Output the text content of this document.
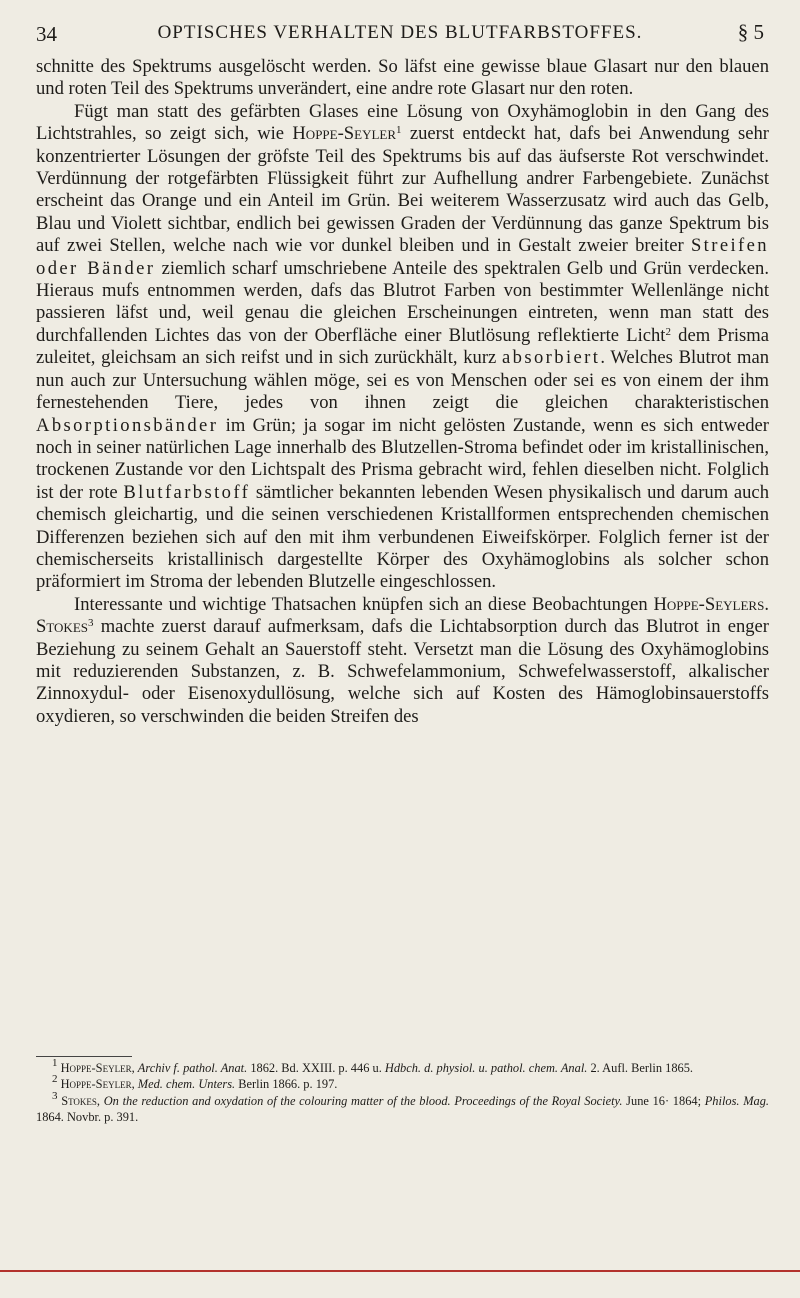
34	OPTISCHES VERHALTEN DES BLUTFARBSTOFFES.	§ 5

schnitte des Spektrums ausgelöscht werden. So läfst eine gewisse blaue Glasart nur den blauen und roten Teil des Spektrums unverändert, eine andre rote Glasart nur den roten.

Fügt man statt des gefärbten Glases eine Lösung von Oxyhämoglobin in den Gang des Lichtstrahles, so zeigt sich, wie Hoppe-Seyler$^1$ zuerst entdeckt hat, dafs bei Anwendung sehr konzentrierter Lösungen der gröfste Teil des Spektrums bis auf das äufserste Rot verschwindet. Verdünnung der rotgefärbten Flüssigkeit führt zur Aufhellung andrer Farbengebiete. Zunächst erscheint das Orange und ein Anteil im Grün. Bei weiterem Wasserzusatz wird auch das Gelb, Blau und Violett sichtbar, endlich bei gewissen Graden der Verdünnung das ganze Spektrum bis auf zwei Stellen, welche nach wie vor dunkel bleiben und in Gestalt zweier breiter Streifen oder Bänder ziemlich scharf umschriebene Anteile des spektralen Gelb und Grün verdecken. Hieraus mufs entnommen werden, dafs das Blutrot Farben von bestimmter Wellenlänge nicht passieren läfst und, weil genau die gleichen Erscheinungen eintreten, wenn man statt des durchfallenden Lichtes das von der Oberfläche einer Blutlösung reflektierte Licht$^2$ dem Prisma zuleitet, gleichsam an sich reifst und in sich zurückhält, kurz absorbiert. Welches Blutrot man nun auch zur Untersuchung wählen möge, sei es von Menschen oder sei es von einem der ihm fernestehenden Tiere, jedes von ihnen zeigt die gleichen charakteristischen Absorptionsbänder im Grün; ja sogar im nicht gelösten Zustande, wenn es sich entweder noch in seiner natürlichen Lage innerhalb des Blutzellen-Stroma befindet oder im kristallinischen, trockenen Zustande vor den Lichtspalt des Prisma gebracht wird, fehlen dieselben nicht. Folglich ist der rote Blutfarbstoff sämtlicher bekannten lebenden Wesen physikalisch und darum auch chemisch gleichartig, und die seinen verschiedenen Kristallformen entsprechenden chemischen Differenzen beziehen sich auf den mit ihm verbundenen Eiweifskörper. Folglich ferner ist der chemischerseits kristallinisch dargestellte Körper des Oxyhämoglobins als solcher schon präformiert im Stroma der lebenden Blutzelle eingeschlossen.

Interessante und wichtige Thatsachen knüpfen sich an diese Beobachtungen Hoppe-Seylers. Stokes$^3$ machte zuerst darauf aufmerksam, dafs die Lichtabsorption durch das Blutrot in enger Beziehung zu seinem Gehalt an Sauerstoff steht. Versetzt man die Lösung des Oxyhämoglobins mit reduzierenden Substanzen, z. B. Schwefelammonium, Schwefelwasserstoff, alkalischer Zinnoxydul- oder Eisenoxydullösung, welche sich auf Kosten des Hämoglobinsauerstoffs oxydieren, so verschwinden die beiden Streifen des

$^1$ Hoppe-Seyler, Archiv f. pathol. Anat. 1862. Bd. XXIII. p. 446 u. Hdbch. d. physiol. u. pathol. chem. Anal. 2. Aufl. Berlin 1865.

$^2$ Hoppe-Seyler, Med. chem. Unters. Berlin 1866. p. 197.

$^3$ Stokes, On the reduction and oxydation of the colouring matter of the blood. Proceedings of the Royal Society. June 16· 1864; Philos. Mag. 1864. Novbr. p. 391.
